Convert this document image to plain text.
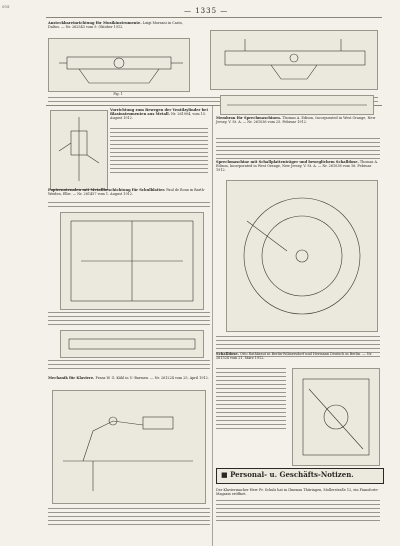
ona
— 1335 —
Ansteckbareinrichtung für Musikinstrumente. Luigi Morsani in Casto, Daltos. — Nr. 262543 vom 9. Oktober 1912.
Fig. 1
Vorrichtung zum Bewegen der Ventilzylinder bei Blasinstrumenten aus Metall. Nr. 261904, vom 15. August 1912.
Papiernotenalen mit Metallbeschichtung für Schulblatter. Paul de Roux in Barth-Weiden, Elbe. — Nr. 261457 vom 1. August 1912.
Mechanik für Klaviere. Franz W. G. Kühl in U.-Barmen. — Nr. 261224 vom 25. April 1912.
Membran für Sprechmaschinen. Thomas A. Edison, Incorporated in West Orange, New Jersey, V. St. A. — Nr. 261036 vom 25. Februar 1912.
Sprechmaschine mit Schallplattenträger und beweglichem Schalldose. Thomas A. Edison, Incorporated in West Orange, New Jersey, V. St. A. — Nr. 261038 vom 16. Februar 1912.
Schalldose. Otto Rathkraut in Berlin-Wilmersdorf und Hermann Deutsch in Berlin. — Nr. 261524 vom 21. März 1912.
■ Personal- u. Geschäfts-Notizen.
Der Klaviermacher Herr Fr. Schulz hat in Ilmenau Thüringen, Mollerstraße 12, ein Pianoforte-Magazin eröffnet.
